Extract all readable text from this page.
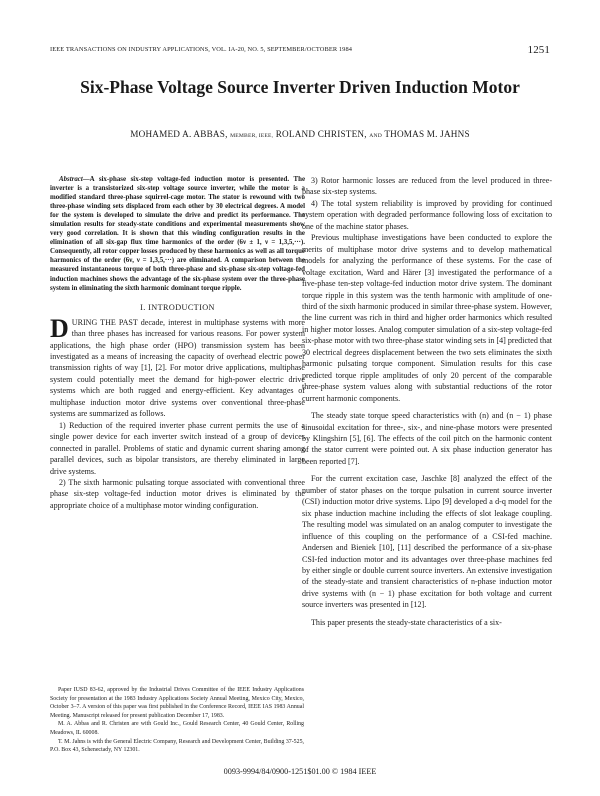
IEEE TRANSACTIONS ON INDUSTRY APPLICATIONS, VOL. IA-20, NO. 5, SEPTEMBER/OCTOBER 1984	1251
Six-Phase Voltage Source Inverter Driven Induction Motor
MOHAMED A. ABBAS, MEMBER, IEEE, ROLAND CHRISTEN, AND THOMAS M. JAHNS

Abstract—A six-phase six-step voltage-fed induction motor is presented. The inverter is a transistorized six-step voltage source inverter, while the motor is a modified standard three-phase squirrel-cage motor. The stator is rewound with two three-phase winding sets displaced from each other by 30 electrical degrees. A model for the system is developed to simulate the drive and predict its performance. The simulation results for steady-state conditions and experimental measurements show very good correlation. It is shown that this winding configuration results in the elimination of all six-gap flux time harmonics of the order (6ν ± 1, ν = 1,3,5,···). Consequently, all rotor copper losses produced by these harmonics as well as all torque harmonics of the order (6ν, ν = 1,3,5,···) are eliminated. A comparison between the measured instantaneous torque of both three-phase and six-phase six-step voltage-fed induction machines shows the advantage of the six-phase system over the three-phase system in eliminating the sixth harmonic dominant torque ripple.

I. INTRODUCTION

DURING THE PAST decade, interest in multiphase systems with more than three phases has increased for various reasons. For power system applications, the high phase order (HPO) transmission system has been investigated as a means of increasing the capacity of overhead electric power transmission rights of way [1], [2]. For motor drive applications, multiphase system could potentially meet the demand for high-power electric drive systems which are both rugged and energy-efficient. Key advantages of multiphase induction motor drive systems over conventional three-phase systems are summarized as follows.

1) Reduction of the required inverter phase current permits the use of a single power device for each inverter switch instead of a group of devices connected in parallel. Problems of static and dynamic current sharing among parallel devices, such as bipolar transistors, are thereby eliminated in large drive systems.

2) The sixth harmonic pulsating torque associated with conventional three phase six-step voltage-fed induction motor drives is eliminated by the appropriate choice of a multiphase motor winding configuration.

Paper IUSD 83-62, approved by the Industrial Drives Committee of the IEEE Industry Applications Society for presentation at the 1983 Industry Applications Society Annual Meeting, Mexico City, Mexico, October 3–7. A version of this paper was first published in the Conference Record, IEEE IAS 1983 Annual Meeting. Manuscript released for present publication December 17, 1983.

M. A. Abbas and R. Christen are with Gould Inc., Gould Research Center, 40 Gould Center, Rolling Meadows, IL 60008.

T. M. Jahns is with the General Electric Company, Research and Development Center, Building 37-525, P.O. Box 43, Schenectady, NY 12301.

3) Rotor harmonic losses are reduced from the level produced in three-phase six-step systems.

4) The total system reliability is improved by providing for continued system operation with degraded performance following loss of excitation to one of the machine stator phases.

Previous multiphase investigations have been conducted to explore the merits of multiphase motor drive systems and to develop mathematical models for analyzing the performance of these systems. For the case of voltage excitation, Ward and Härer [3] investigated the performance of a five-phase ten-step voltage-fed induction motor drive system. The dominant torque ripple in this system was the tenth harmonic with amplitude of one-third of the sixth harmonic produced in similar three-phase system. However, the line current was rich in third and higher order harmonics which resulted in higher motor losses. Analog computer simulation of a six-step voltage-fed six-phase motor with two three-phase stator winding sets in [4] predicted that 30 electrical degrees displacement between the two sets eliminates the sixth harmonic pulsating torque component. Simulation results for this case predicted torque ripple amplitudes of only 20 percent of the comparable three-phase system values along with substantial reductions of the rotor current harmonic components.

The steady state torque speed characteristics with (n) and (n − 1) phase sinusoidal excitation for three-, six-, and nine-phase motors were presented by Klingshirn [5], [6]. The effects of the coil pitch on the harmonic content of the stator current were pointed out. A six phase induction generator has been reported [7].

For the current excitation case, Jaschke [8] analyzed the effect of the number of stator phases on the torque pulsation in current source inverter (CSI) induction motor drive systems. Lipo [9] developed a d-q model for the six phase induction machine including the effects of slot leakage coupling. The resulting model was simulated on an analog computer to investigate the influence of this coupling on the performance of a CSI-fed machine. Andersen and Bieniek [10], [11] described the performance of a six-phase CSI-fed induction motor and its advantages over three-phase machines fed by either single or double current source inverters. An extensive investigation of the steady-state and transient characteristics of n-phase induction motor drive systems with (n − 1) phase excitation for both voltage and current source inverters was presented in [12].

This paper presents the steady-state characteristics of a six-

0093-9994/84/0900-1251$01.00 © 1984 IEEE
